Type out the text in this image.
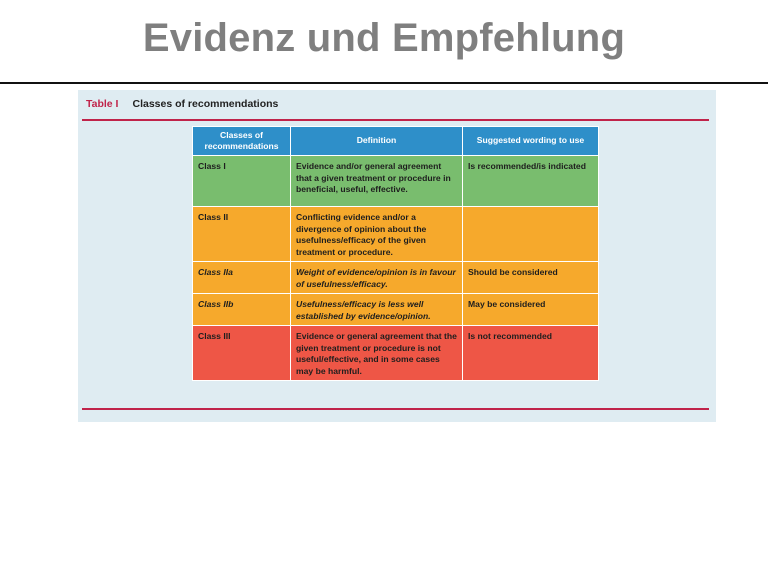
Evidenz und Empfehlung
Table I Classes of recommendations
Classes of recommendations	Definition	Suggested wording to use
Class I	Evidence and/or general agreement that a given treatment or procedure in beneficial, useful, effective.	Is recommended/is indicated
Class II	Conflicting evidence and/or a divergence of opinion about the usefulness/efficacy of the given treatment or procedure.	
Class IIa	Weight of evidence/opinion is in favour of usefulness/efficacy.	Should be considered
Class IIb	Usefulness/efficacy is less well established by evidence/opinion.	May be considered
Class III	Evidence or general agreement that the given treatment or procedure is not useful/effective, and in some cases may be harmful.	Is not recommended
